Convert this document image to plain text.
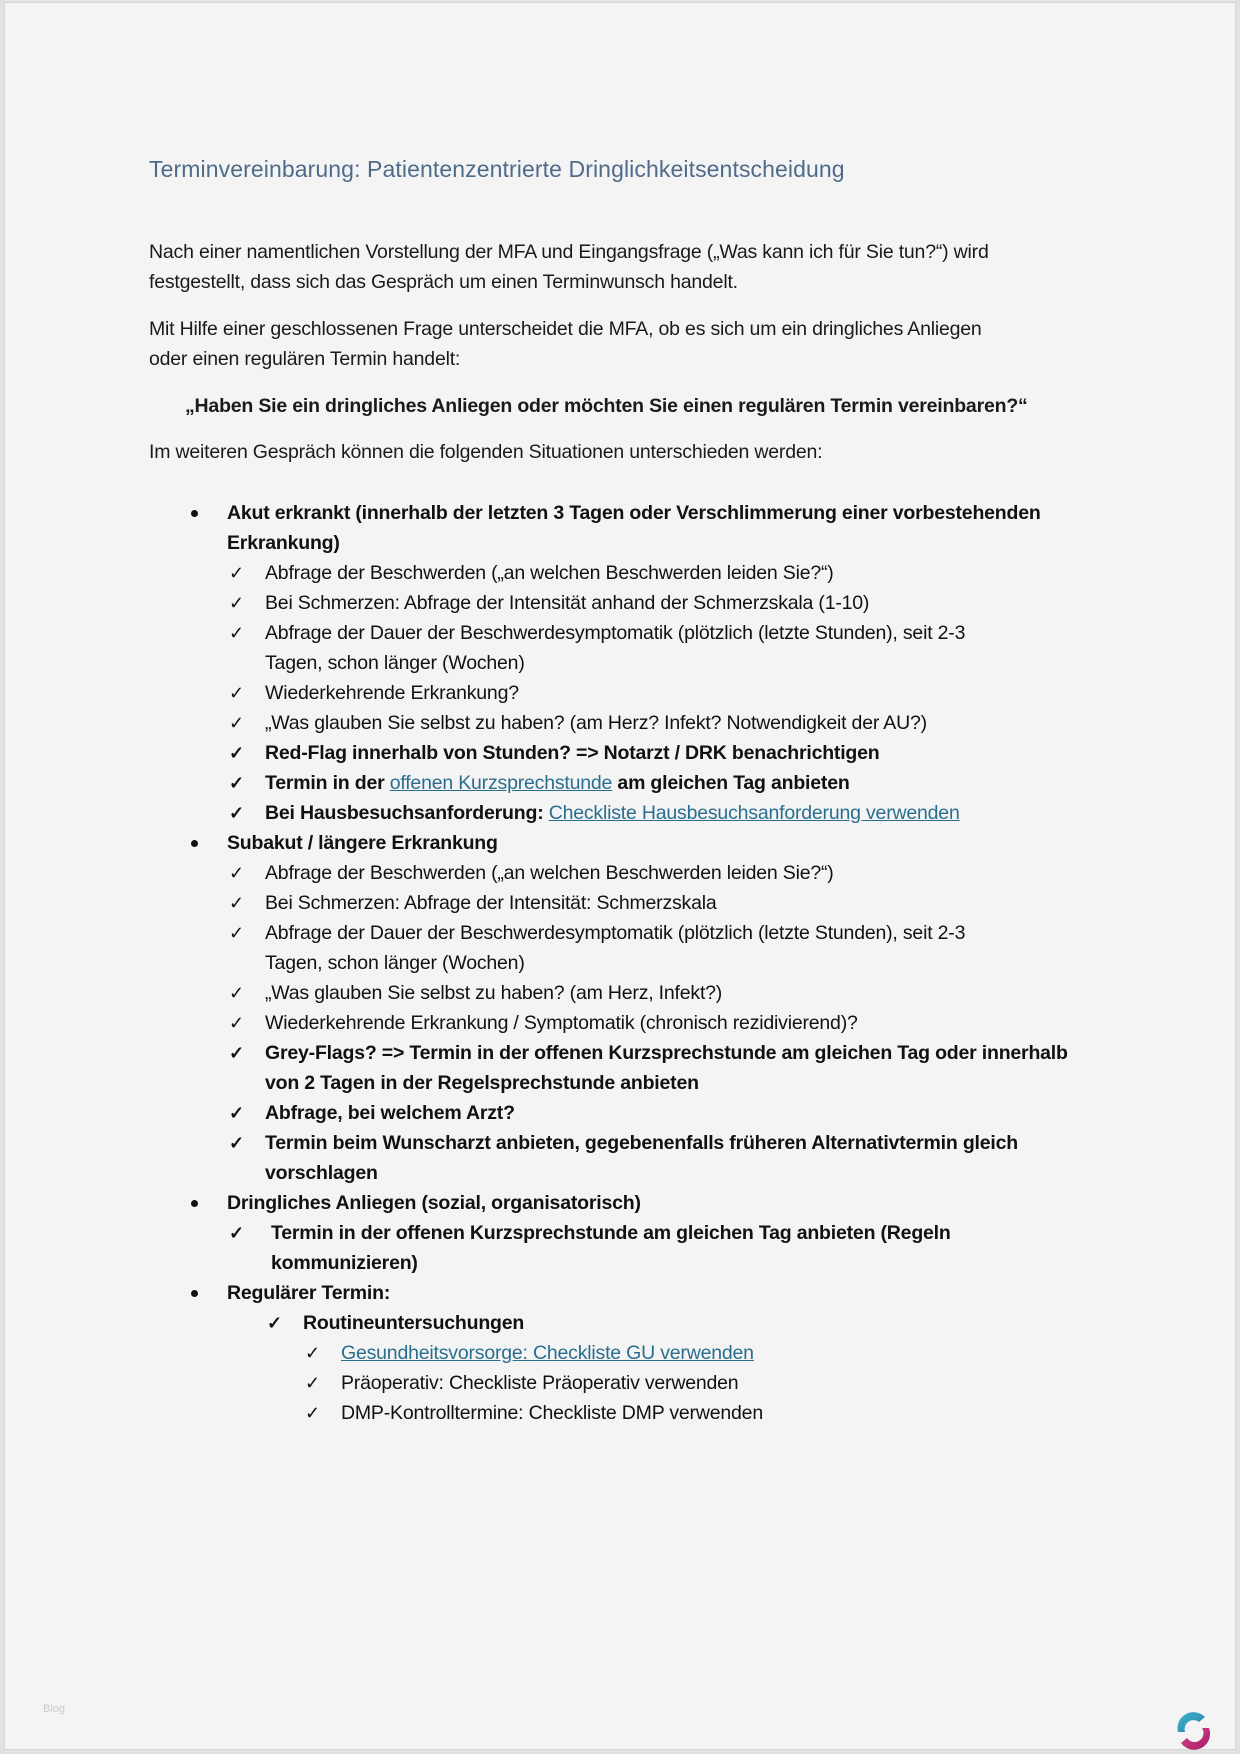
Terminvereinbarung: Patientenzentrierte Dringlichkeitsentscheidung
Nach einer namentlichen Vorstellung der MFA und Eingangsfrage („Was kann ich für Sie tun?“) wird
festgestellt, dass sich das Gespräch um einen Terminwunsch handelt.
Mit Hilfe einer geschlossenen Frage unterscheidet die MFA, ob es sich um ein dringliches Anliegen
oder einen regulären Termin handelt:
„Haben Sie ein dringliches Anliegen oder möchten Sie einen regulären Termin vereinbaren?“
Im weiteren Gespräch können die folgenden Situationen unterschieden werden:
Akut erkrankt (innerhalb der letzten 3 Tagen oder Verschlimmerung einer vorbestehenden
Erkrankung)
✓ Abfrage der Beschwerden („an welchen Beschwerden leiden Sie?“)
✓ Bei Schmerzen: Abfrage der Intensität anhand der Schmerzskala (1-10)
✓ Abfrage der Dauer der Beschwerdesymptomatik (plötzlich (letzte Stunden), seit 2-3
Tagen, schon länger (Wochen)
✓ Wiederkehrende Erkrankung?
✓ „Was glauben Sie selbst zu haben? (am Herz? Infekt? Notwendigkeit der AU?)
✓ Red-Flag innerhalb von Stunden? => Notarzt / DRK benachrichtigen
✓ Termin in der offenen Kurzsprechstunde am gleichen Tag anbieten
✓ Bei Hausbesuchsanforderung: Checkliste Hausbesuchsanforderung verwenden
Subakut / längere Erkrankung
✓ Abfrage der Beschwerden („an welchen Beschwerden leiden Sie?“)
✓ Bei Schmerzen: Abfrage der Intensität: Schmerzskala
✓ Abfrage der Dauer der Beschwerdesymptomatik (plötzlich (letzte Stunden), seit 2-3
Tagen, schon länger (Wochen)
✓ „Was glauben Sie selbst zu haben? (am Herz, Infekt?)
✓ Wiederkehrende Erkrankung / Symptomatik (chronisch rezidivierend)?
✓ Grey-Flags? => Termin in der offenen Kurzsprechstunde am gleichen Tag oder innerhalb
von 2 Tagen in der Regelsprechstunde anbieten
✓ Abfrage, bei welchem Arzt?
✓ Termin beim Wunscharzt anbieten, gegebenenfalls früheren Alternativtermin gleich
vorschlagen
Dringliches Anliegen (sozial, organisatorisch)
✓ Termin in der offenen Kurzsprechstunde am gleichen Tag anbieten (Regeln
kommunizieren)
Regulärer Termin:
✓ Routineuntersuchungen
✓ Gesundheitsvorsorge: Checkliste GU verwenden
✓ Präoperativ: Checkliste Präoperativ verwenden
✓ DMP-Kontrolltermine: Checkliste DMP verwenden
Blog
